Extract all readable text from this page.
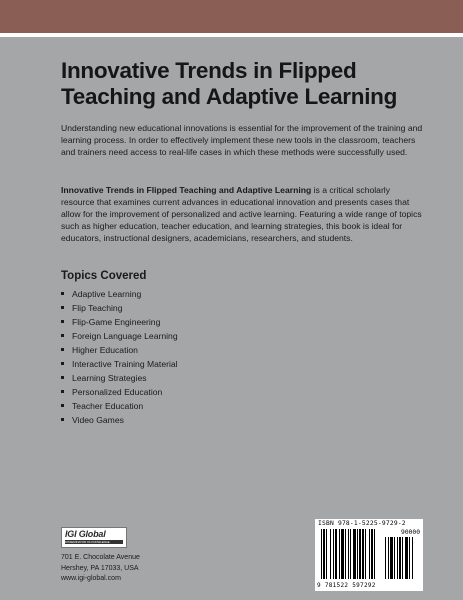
Innovative Trends in Flipped Teaching and Adaptive Learning

Understanding new educational innovations is essential for the improvement of the training and learning process. In order to effectively implement these new tools in the classroom, teachers and trainers need access to real-life cases in which these methods were successfully used.

Innovative Trends in Flipped Teaching and Adaptive Learning is a critical scholarly resource that examines current advances in educational innovation and presents cases that allow for the improvement of personalized and active learning. Featuring a wide range of topics such as higher education, teacher education, and learning strategies, this book is ideal for educators, instructional designers, academicians, researchers, and students.

Topics Covered
Adaptive Learning
Flip Teaching
Flip-Game Engineering
Foreign Language Learning
Higher Education
Interactive Training Material
Learning Strategies
Personalized Education
Teacher Education
Video Games
IGI Global
DISSEMINATOR OF KNOWLEDGE
701 E. Chocolate Avenue
Hershey, PA 17033, USA
www.igi-global.com
ISBN 978-1-5225-9729-2
90000
9 781522 597292
